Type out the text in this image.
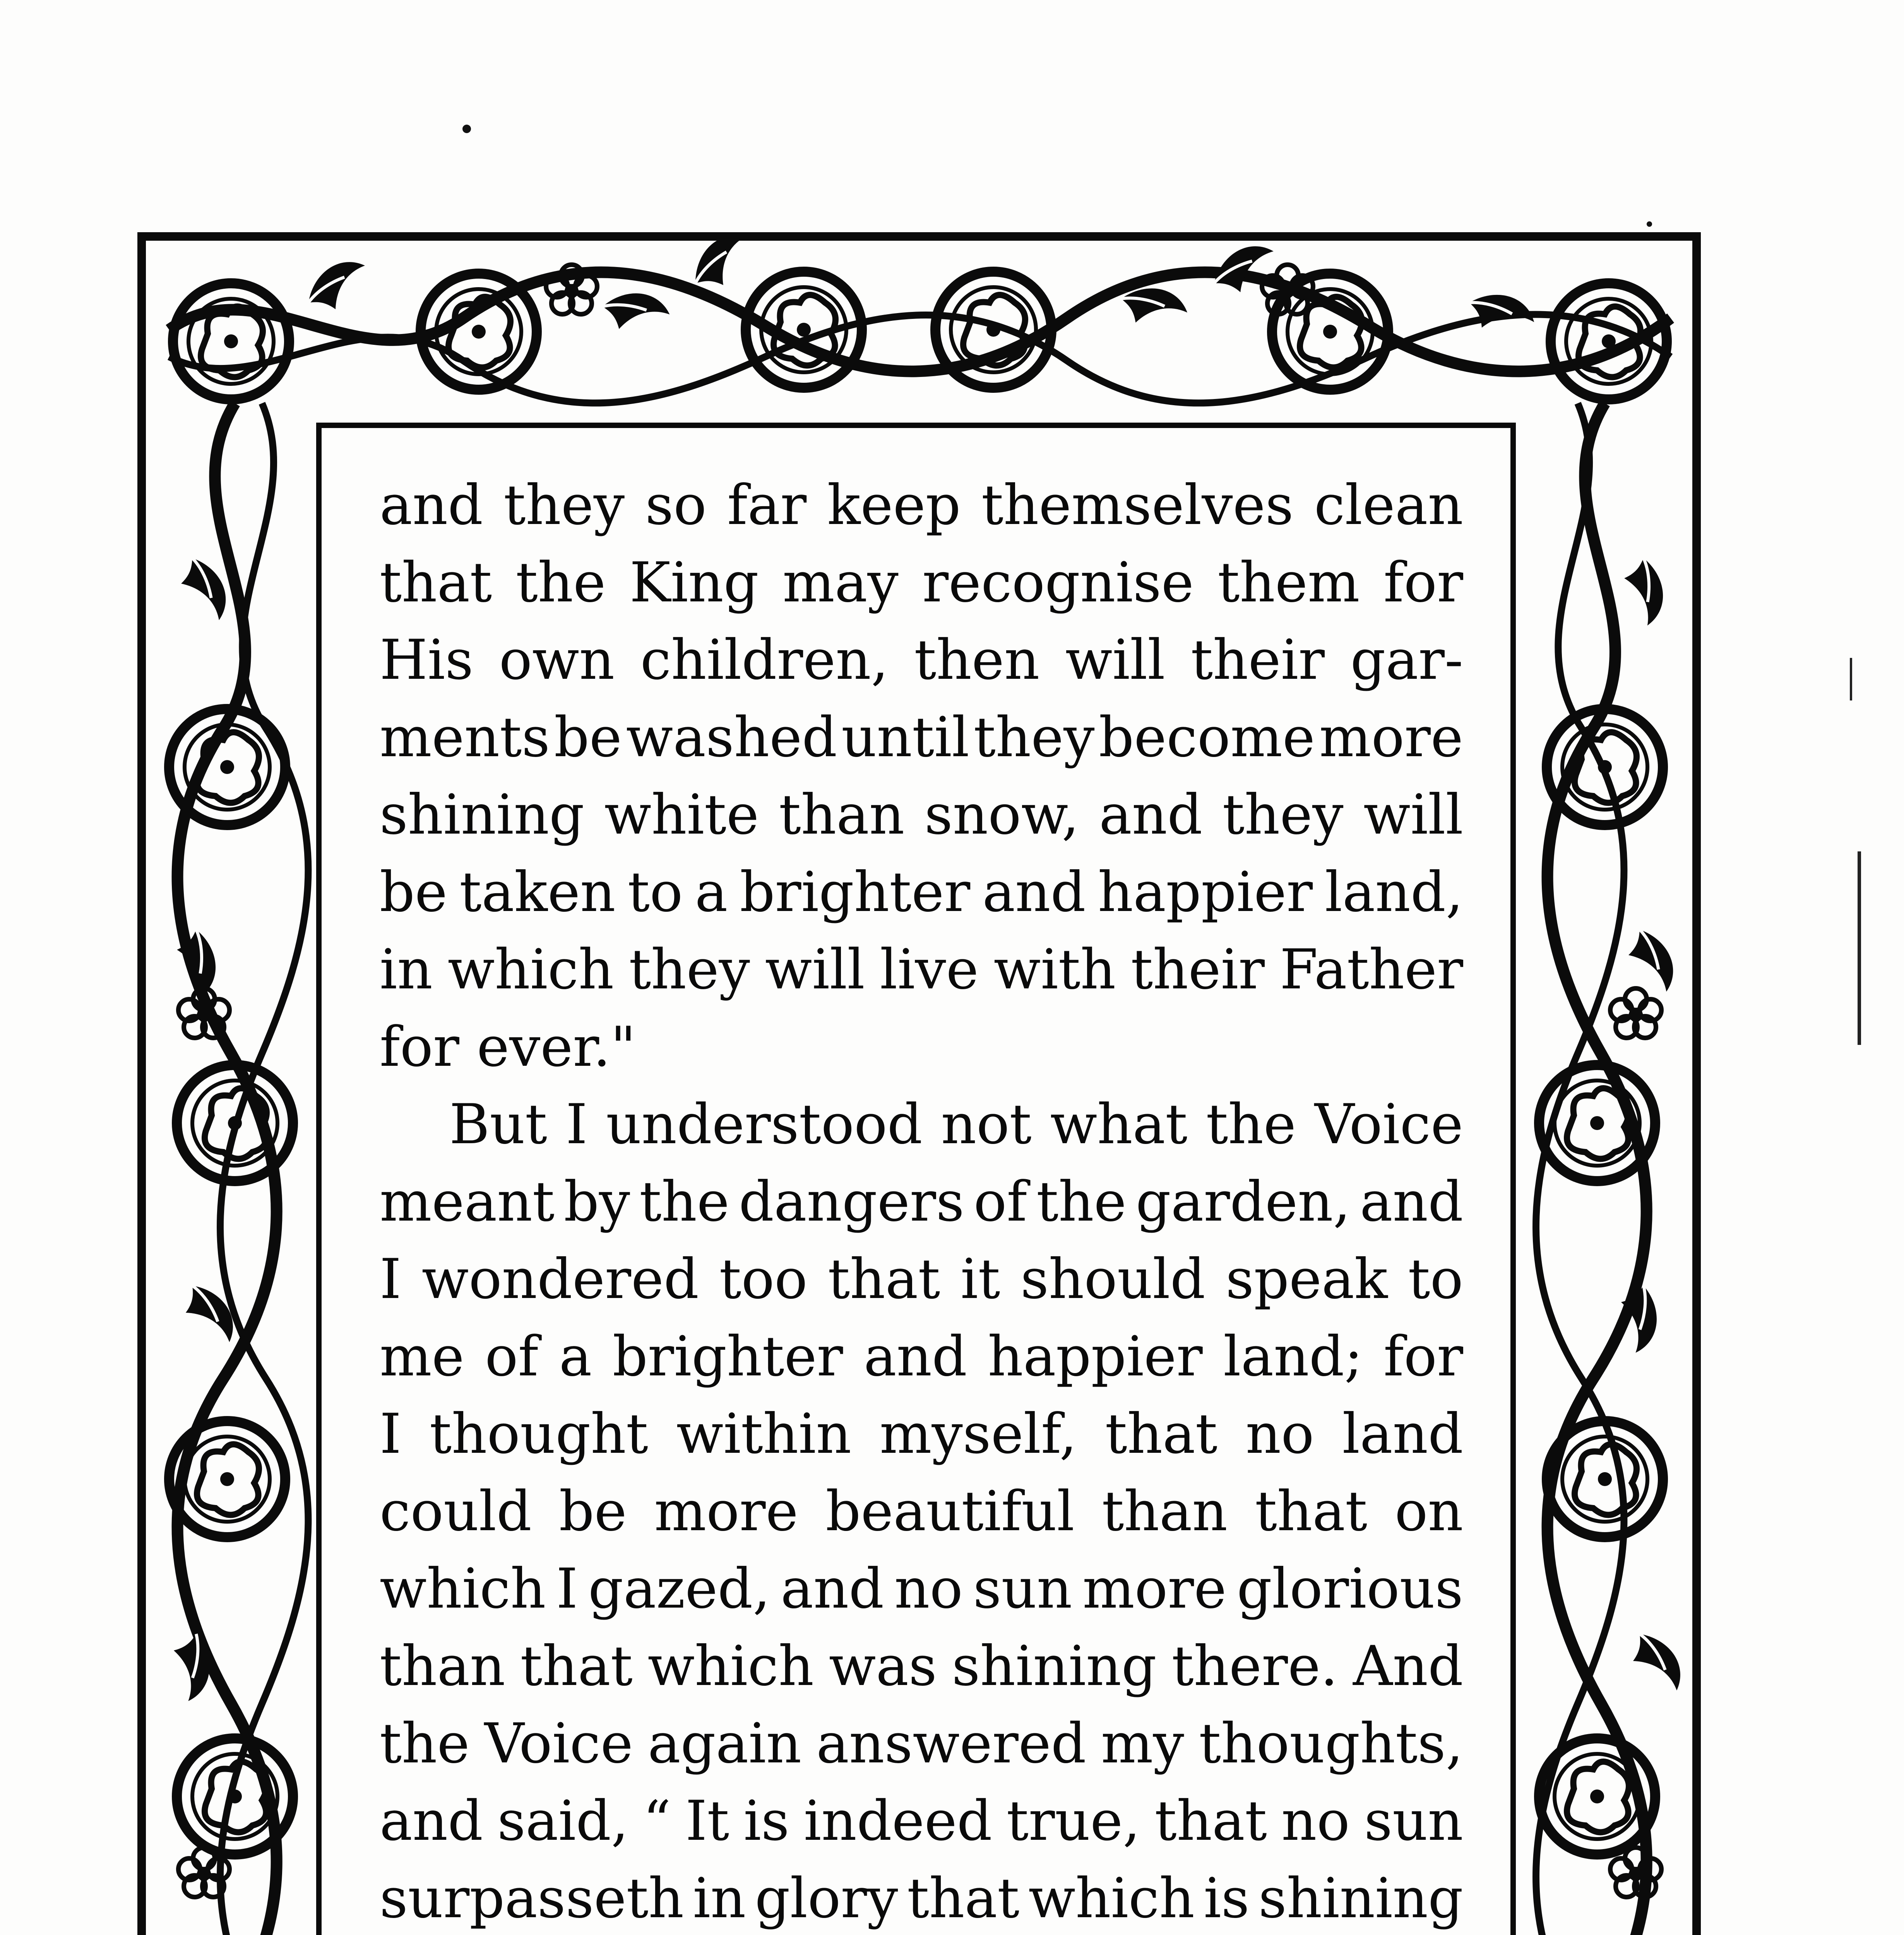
and they so far keep themselves clean
that the King may recognise them for
His own children, then will their gar-
ments be washed until they become more
shining white than snow, and they will
be taken to a brighter and happier land,
in which they will live with their Father
for ever."
But I understood not what the Voice
meant by the dangers of the garden, and
I wondered too that it should speak to
me of a brighter and happier land; for
I thought within myself, that no land
could be more beautiful than that on
which I gazed, and no sun more glorious
than that which was shining there. And
the Voice again answered my thoughts,
and said, “ It is indeed true, that no sun
surpasseth in glory that which is shining
